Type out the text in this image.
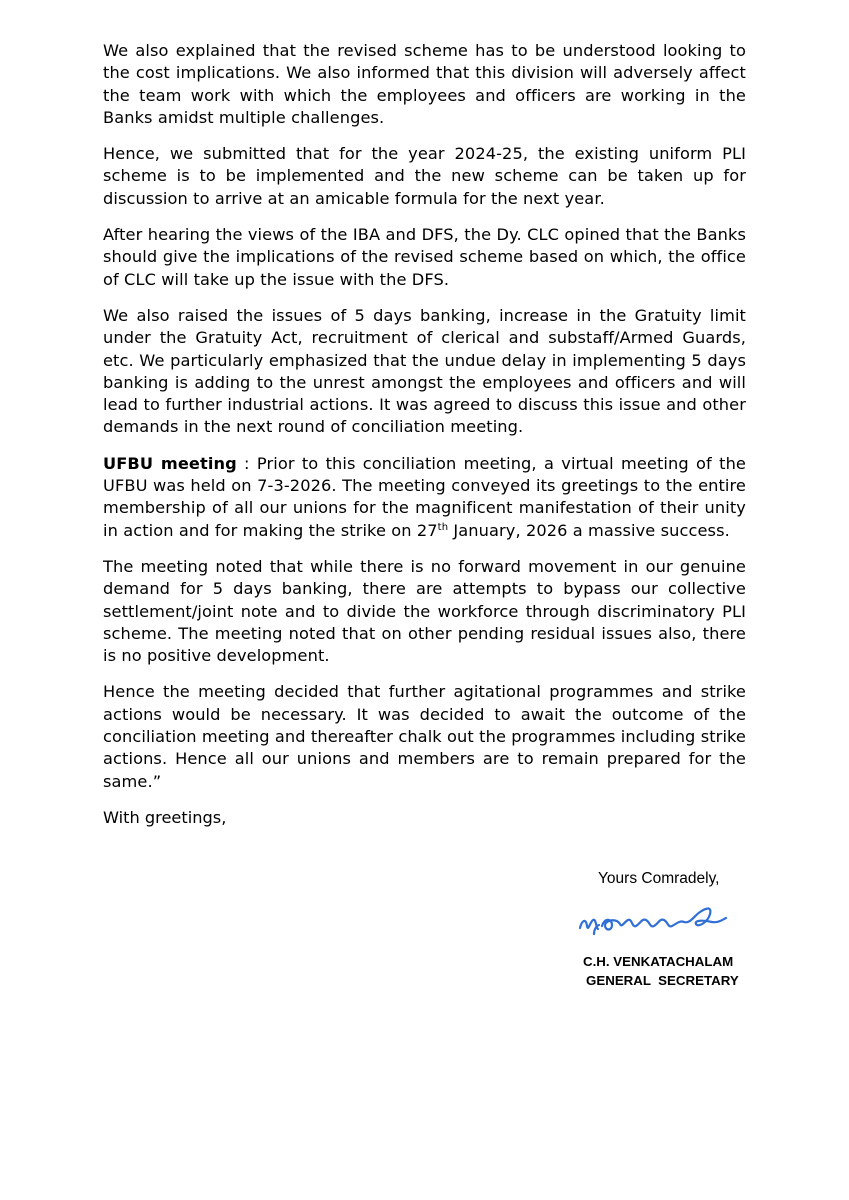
We also explained that the revised scheme has to be understood looking to the cost implications. We also informed that this division will adversely affect the team work with which the employees and officers are working in the Banks amidst multiple challenges.

Hence, we submitted that for the year 2024-25, the existing uniform PLI scheme is to be implemented and the new scheme can be taken up for discussion to arrive at an amicable formula for the next year.

After hearing the views of the IBA and DFS, the Dy. CLC opined that the Banks should give the implications of the revised scheme based on which, the office of CLC will take up the issue with the DFS.

We also raised the issues of 5 days banking, increase in the Gratuity limit under the Gratuity Act, recruitment of clerical and substaff/Armed Guards, etc. We particularly emphasized that the undue delay in implementing 5 days banking is adding to the unrest amongst the employees and officers and will lead to further industrial actions. It was agreed to discuss this issue and other demands in the next round of conciliation meeting.

UFBU meeting : Prior to this conciliation meeting, a virtual meeting of the UFBU was held on 7-3-2026. The meeting conveyed its greetings to the entire membership of all our unions for the magnificent manifestation of their unity in action and for making the strike on 27th January, 2026 a massive success.

The meeting noted that while there is no forward movement in our genuine demand for 5 days banking, there are attempts to bypass our collective settlement/joint note and to divide the workforce through discriminatory PLI scheme. The meeting noted that on other pending residual issues also, there is no positive development.

Hence the meeting decided that further agitational programmes and strike actions would be necessary. It was decided to await the outcome of the conciliation meeting and thereafter chalk out the programmes including strike actions. Hence all our unions and members are to remain prepared for the same.”

With greetings,

Yours Comradely,
C.H. VENKATACHALAM
GENERAL  SECRETARY
